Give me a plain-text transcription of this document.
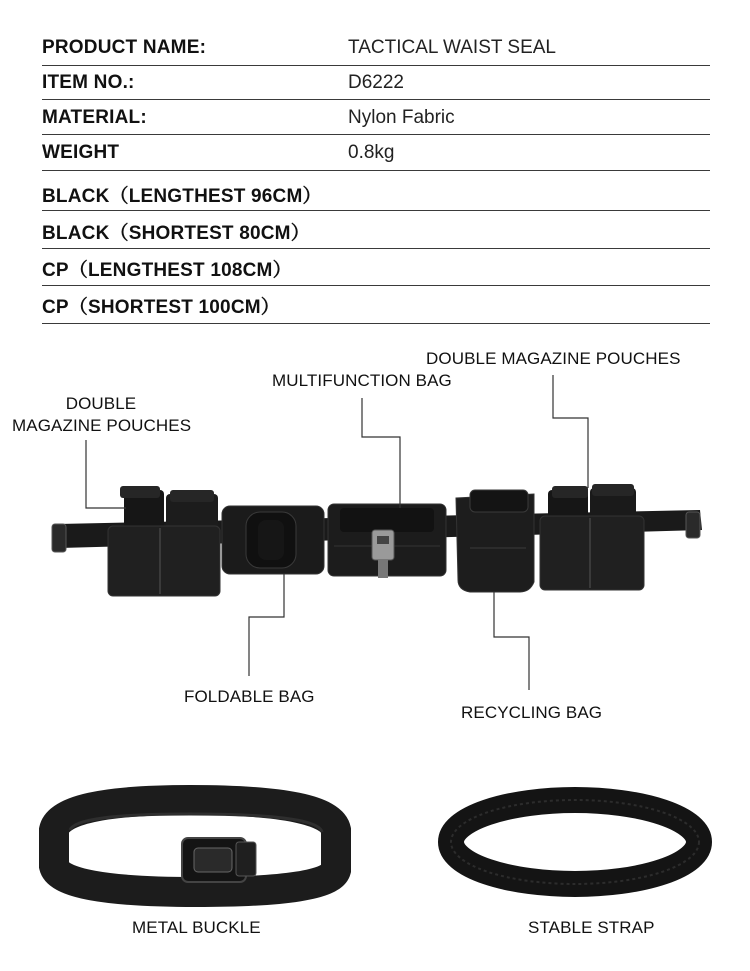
PRODUCT NAME:	TACTICAL WAIST SEAL
ITEM NO.:	D6222
MATERIAL:	Nylon Fabric
WEIGHT	0.8kg
BLACK（LENGTHEST 96CM）
BLACK（SHORTEST 80CM）
CP（LENGTHEST 108CM）
CP（SHORTEST 100CM）
DOUBLE
MAGAZINE POUCHES
MULTIFUNCTION BAG
DOUBLE MAGAZINE POUCHES
FOLDABLE BAG
RECYCLING BAG
METAL BUCKLE	STABLE STRAP
